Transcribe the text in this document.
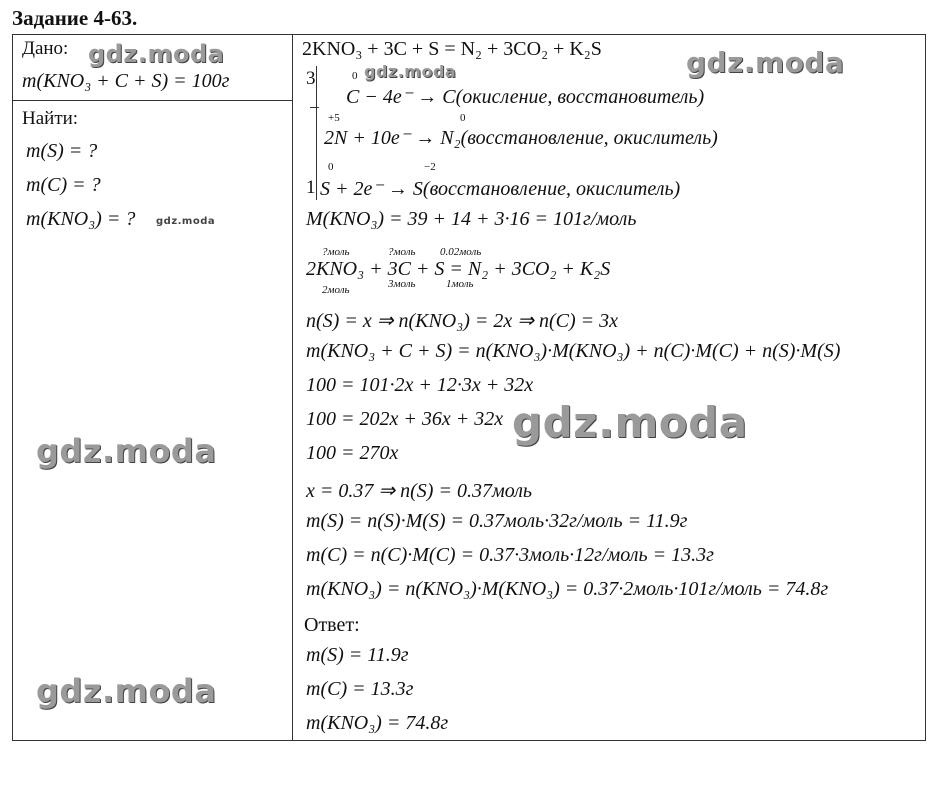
Задание 4-63.
Дано:
m(KNO₃ + C + S) = 100г
Найти:
m(S) = ?
m(C) = ?
m(KNO₃) = ?
gdz.moda
gdz.moda
gdz.moda
gdz.moda
gdz.moda
gdz.moda
gdz.moda
2KNO₃ + 3C + S = N₂ + 3CO₂ + K₂S
3	0
C − 4e⁻ → C(окисление, восстановитель)
+5	0
2N + 10e⁻ → N₂(восстановление, окислитель)
0	−2
1 S + 2e⁻ → S(восстановление, окислитель)
M(KNO₃) = 39 + 14 + 3·16 = 101г/моль
?моль	?моль 0.02моль
2KNO₃ + 3C + S = N₂ + 3CO₂ + K₂S
2моль	3моль	1моль
n(S) = x ⇒ n(KNO₃) = 2x ⇒ n(C) = 3x
m(KNO₃ + C + S) = n(KNO₃)·M(KNO₃) + n(C)·M(C) + n(S)·M(S)
100 = 101·2x + 12·3x + 32x
100 = 202x + 36x + 32x
100 = 270x
x = 0.37 ⇒ n(S) = 0.37моль
m(S) = n(S)·M(S) = 0.37моль·32г/моль = 11.9г
m(C) = n(C)·M(C) = 0.37·3моль·12г/моль = 13.3г
m(KNO₃) = n(KNO₃)·M(KNO₃) = 0.37·2моль·101г/моль = 74.8г
Ответ:
m(S) = 11.9г
m(C) = 13.3г
m(KNO₃) = 74.8г
